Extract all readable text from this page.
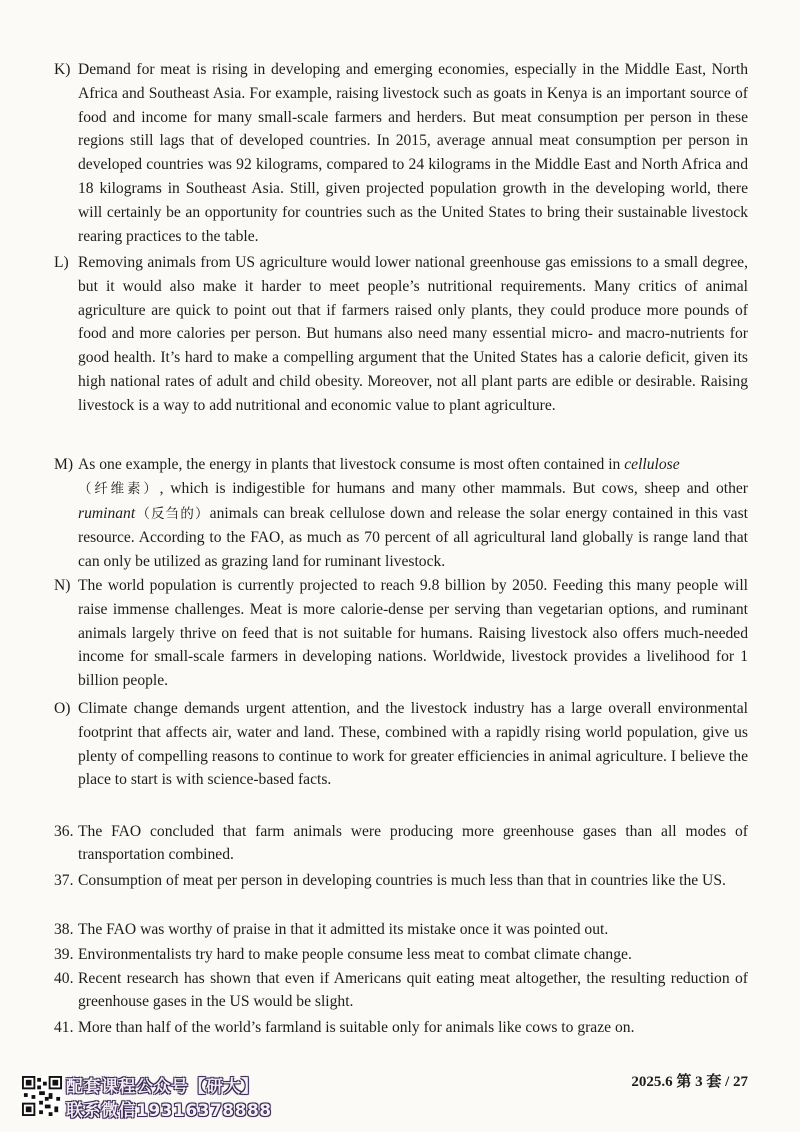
K) Demand for meat is rising in developing and emerging economies, especially in the Middle East, North Africa and Southeast Asia. For example, raising livestock such as goats in Kenya is an important source of food and income for many small-scale farmers and herders. But meat consumption per person in these regions still lags that of developed countries. In 2015, average annual meat consumption per person in developed countries was 92 kilograms, compared to 24 kilograms in the Middle East and North Africa and 18 kilograms in Southeast Asia. Still, given projected population growth in the developing world, there will certainly be an opportunity for countries such as the United States to bring their sustainable livestock rearing practices to the table.
L) Removing animals from US agriculture would lower national greenhouse gas emissions to a small degree, but it would also make it harder to meet people’s nutritional requirements. Many critics of animal agriculture are quick to point out that if farmers raised only plants, they could produce more pounds of food and more calories per person. But humans also need many essential micro- and macro-nutrients for good health. It’s hard to make a compelling argument that the United States has a calorie deficit, given its high national rates of adult and child obesity. Moreover, not all plant parts are edible or desirable. Raising livestock is a way to add nutritional and economic value to plant agriculture.
M) As one example, the energy in plants that livestock consume is most often contained in cellulose
（纤维素）, which is indigestible for humans and many other mammals. But cows, sheep and other ruminant（反刍的）animals can break cellulose down and release the solar energy contained in this vast resource. According to the FAO, as much as 70 percent of all agricultural land globally is range land that can only be utilized as grazing land for ruminant livestock.
N) The world population is currently projected to reach 9.8 billion by 2050. Feeding this many people will raise immense challenges. Meat is more calorie-dense per serving than vegetarian options, and ruminant animals largely thrive on feed that is not suitable for humans. Raising livestock also offers much-needed income for small-scale farmers in developing nations. Worldwide, livestock provides a livelihood for 1 billion people.
O) Climate change demands urgent attention, and the livestock industry has a large overall environmental footprint that affects air, water and land. These, combined with a rapidly rising world population, give us plenty of compelling reasons to continue to work for greater efficiencies in animal agriculture. I believe the place to start is with science-based facts.
36. The FAO concluded that farm animals were producing more greenhouse gases than all modes of transportation combined.
37. Consumption of meat per person in developing countries is much less than that in countries like the US.
38. The FAO was worthy of praise in that it admitted its mistake once it was pointed out.
39. Environmentalists try hard to make people consume less meat to combat climate change.
40. Recent research has shown that even if Americans quit eating meat altogether, the resulting reduction of greenhouse gases in the US would be slight.
41. More than half of the world’s farmland is suitable only for animals like cows to graze on.
配套课程公众号【研大】
联系微信19316378888
2025.6 第 3 套 / 27
